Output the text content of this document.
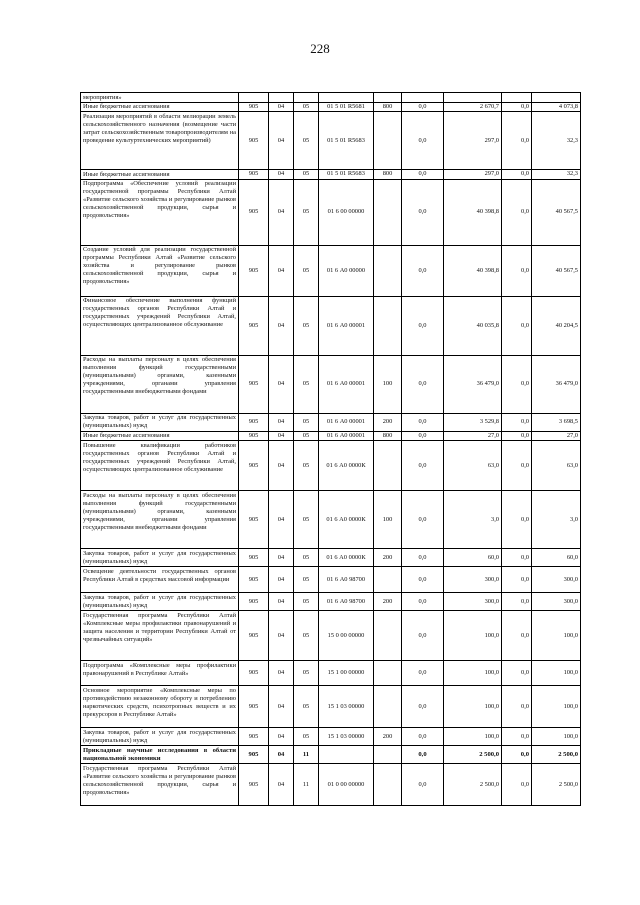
228
мероприятия»									
Иные бюджетные ассигнования	905	04	05	01 5 01 R5681	800	0,0	2 670,7	0,0	4 073,8
Реализация мероприятий в области мелиорации земель сельскохозяйственного назначения (возмещение части затрат сельскохозяйственным товаропроизводителям на проведение культуртехнических мероприятий)	905	04	05	01 5 01 R5683		0,0	297,0	0,0	32,3
Иные бюджетные ассигнования	905	04	05	01 5 01 R5683	800	0,0	297,0	0,0	32,3
Подпрограмма «Обеспечение условий реализации государственной программы Республики Алтай «Развитие сельского хозяйства и регулирование рынков сельскохозяйственной продукции, сырья и продовольствия»	905	04	05	01 6 00 00000		0,0	40 398,8	0,0	40 567,5
Создание условий для реализации государственной программы Республики Алтай «Развитие сельского хозяйства и регулирование рынков сельскохозяйственной продукции, сырья и продовольствия»	905	04	05	01 6 А0 00000		0,0	40 398,8	0,0	40 567,5
Финансовое обеспечение выполнения функций государственных органов Республики Алтай и государственных учреждений Республики Алтай, осуществляющих централизованное обслуживание	905	04	05	01 6 А0 00001		0,0	40 035,8	0,0	40 204,5
Расходы на выплаты персоналу в целях обеспечения выполнения функций государственными (муниципальными) органами, казенными учреждениями, органами управления государственными внебюджетными фондами	905	04	05	01 6 А0 00001	100	0,0	36 479,0	0,0	36 479,0
Закупка товаров, работ и услуг для государственных (муниципальных) нужд	905	04	05	01 6 А0 00001	200	0,0	3 529,8	0,0	3 698,5
Иные бюджетные ассигнования	905	04	05	01 6 А0 00001	800	0,0	27,0	0,0	27,0
Повышение квалификации работников государственных органов Республики Алтай и государственных учреждений Республики Алтай, осуществляющих централизованное обслуживание	905	04	05	01 6 А0 0000К		0,0	63,0	0,0	63,0
Расходы на выплаты персоналу в целях обеспечения выполнения функций государственными (муниципальными) органами, казенными учреждениями, органами управления государственными внебюджетными фондами	905	04	05	01 6 А0 0000К	100	0,0	3,0	0,0	3,0
Закупка товаров, работ и услуг для государственных (муниципальных) нужд	905	04	05	01 6 А0 0000К	200	0,0	60,0	0,0	60,0
Освещение деятельности государственных органов Республики Алтай в средствах массовой информации	905	04	05	01 6 А0 98700		0,0	300,0	0,0	300,0
Закупка товаров, работ и услуг для государственных (муниципальных) нужд	905	04	05	01 6 А0 98700	200	0,0	300,0	0,0	300,0
Государственная программа Республики Алтай «Комплексные меры профилактики правонарушений и защита населения и территории Республики Алтай от чрезвычайных ситуаций»	905	04	05	15 0 00 00000		0,0	100,0	0,0	100,0
Подпрограмма «Комплексные меры профилактики правонарушений в Республике Алтай»	905	04	05	15 1 00 00000		0,0	100,0	0,0	100,0
Основное мероприятие «Комплексные меры по противодействию незаконному обороту и потреблению наркотических средств, психотропных веществ и их прекурсоров в Республике Алтай»	905	04	05	15 1 03 00000		0,0	100,0	0,0	100,0
Закупка товаров, работ и услуг для государственных (муниципальных) нужд	905	04	05	15 1 03 00000	200	0,0	100,0	0,0	100,0
Прикладные научные исследования в области национальной экономики	905	04	11			0,0	2 500,0	0,0	2 500,0
Государственная программа Республики Алтай «Развитие сельского хозяйства и регулирование рынков сельскохозяйственной продукции, сырья и продовольствия»	905	04	11	01 0 00 00000		0,0	2 500,0	0,0	2 500,0
